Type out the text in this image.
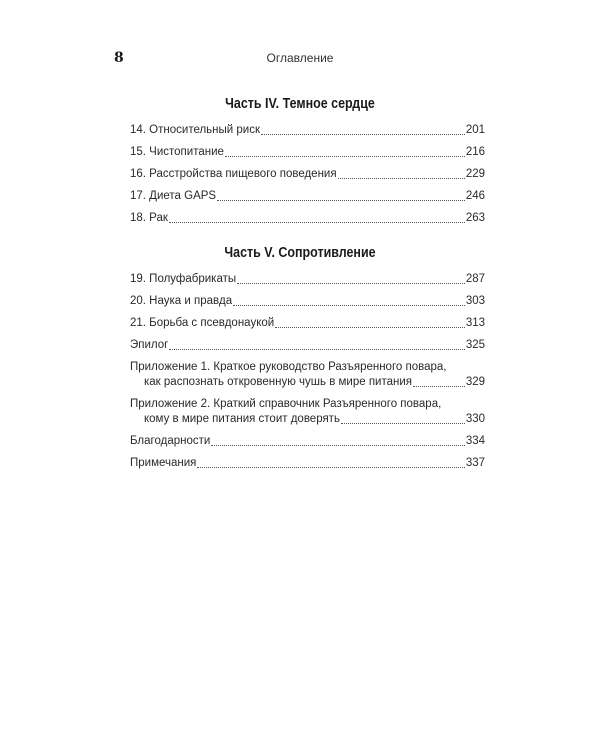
8	Оглавление
Часть IV. Темное сердце
14. Относительный риск	201
15. Чистопитание	216
16. Расстройства пищевого поведения	229
17. Диета GAPS	246
18. Рак	263
Часть V. Сопротивление
19. Полуфабрикаты	287
20. Наука и правда	303
21. Борьба с псевдонаукой	313
Эпилог	325
Приложение 1. Краткое руководство Разъяренного повара,
как распознать откровенную чушь в мире питания	329
Приложение 2. Краткий справочник Разъяренного повара,
кому в мире питания стоит доверять	330
Благодарности	334
Примечания	337
